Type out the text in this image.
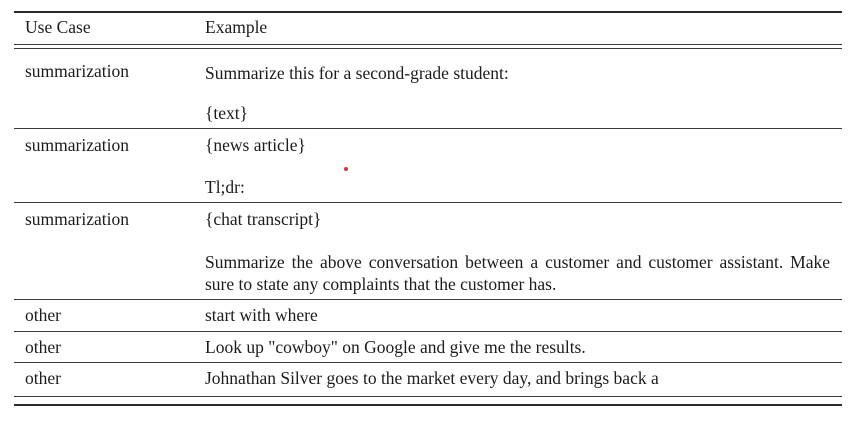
Use Case	Example
summarization	Summarize this for a second-grade student:
{text}
summarization	{news article}
Tl;dr:
summarization	{chat transcript}
Summarize the above conversation between a customer and customer assistant. Make sure to state any complaints that the customer has.
other	start with where
other	Look up "cowboy" on Google and give me the results.
other	Johnathan Silver goes to the market every day, and brings back a
